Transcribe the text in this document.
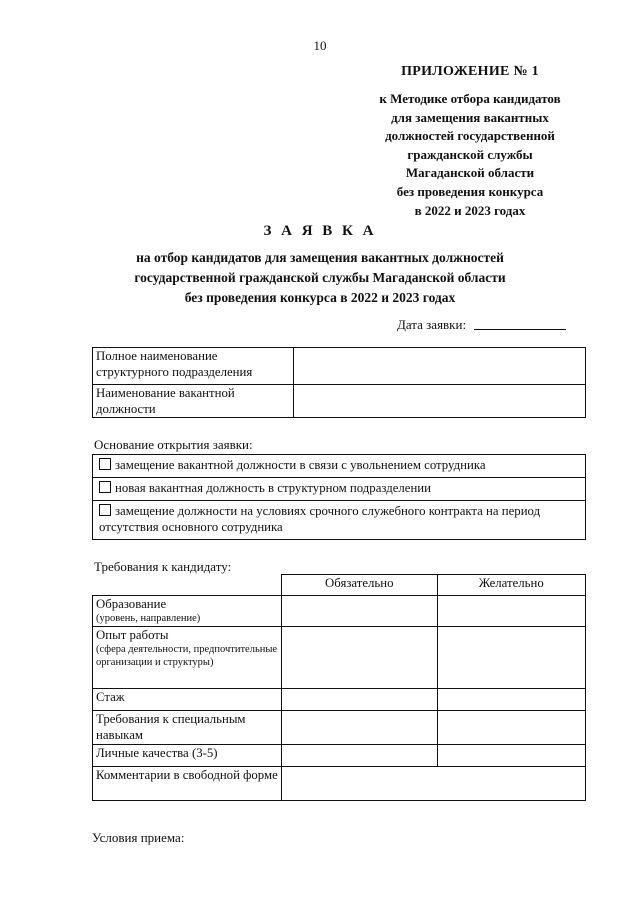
10
ПРИЛОЖЕНИЕ № 1
к Методике отбора кандидатов
для замещения вакантных
должностей государственной
гражданской службы
Магаданской области
без проведения конкурса
в 2022 и 2023 годах
З А Я В К А
на отбор кандидатов для замещения вакантных должностей
государственной гражданской службы Магаданской области
без проведения конкурса в 2022 и 2023 годах
Дата заявки:
Полное наименование структурного подразделения	
Наименование вакантной должности	
Основание открытия заявки:
замещение вакантной должности в связи с увольнением сотрудника
новая вакантная должность в структурном подразделении
замещение должности на условиях срочного служебного контракта на период отсутствия основного сотрудника
Требования к кандидату:
	Обязательно	Желательно
Образование
(уровень, направление)		

Опыт работы
(сфера деятельности, предпочтительные организации и структуры)		

Стаж		
Требования к специальным навыкам		
Личные качества (3-5)		
Комментарии в свободной форме		
Условия приема:
